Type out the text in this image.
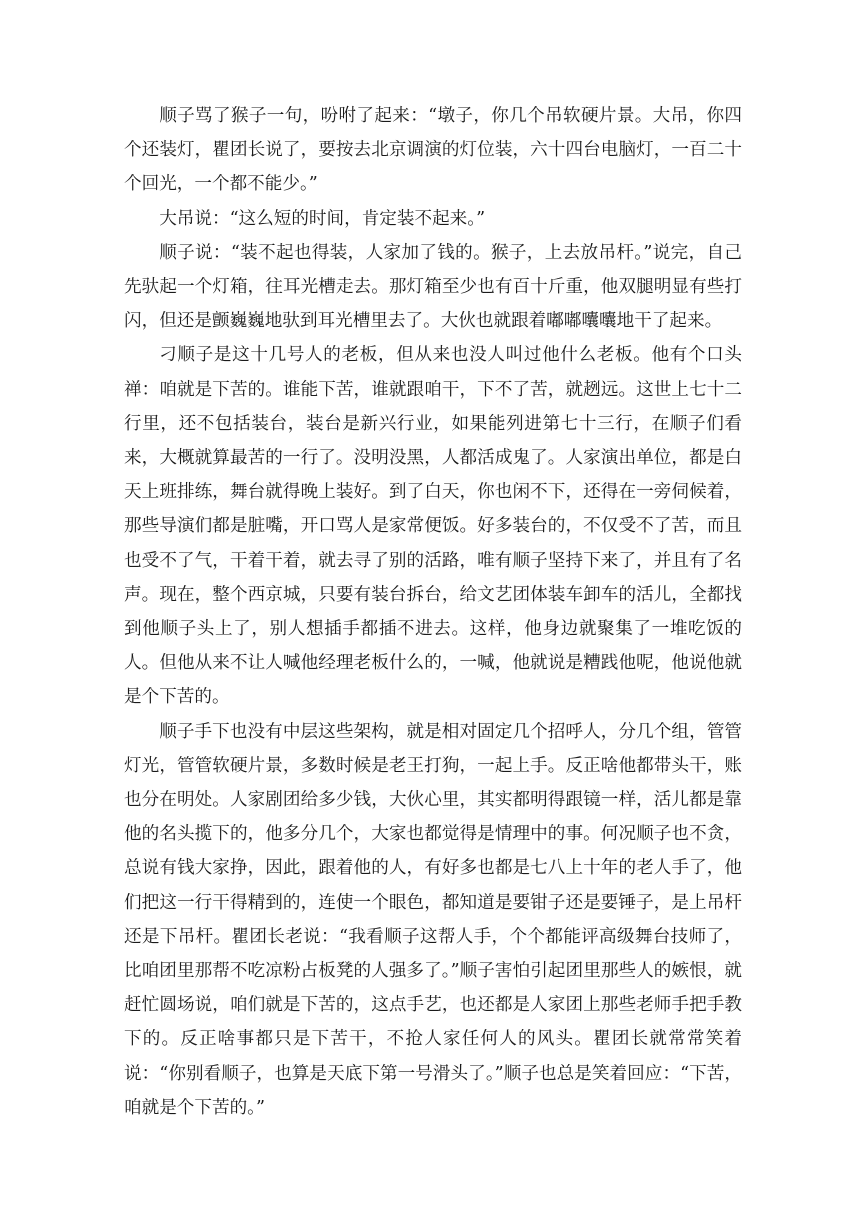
顺子骂了猴子一句，吩咐了起来：“墩子，你几个吊软硬片景。大吊，你四个还装灯，瞿团长说了，要按去北京调演的灯位装，六十四台电脑灯，一百二十个回光，一个都不能少。”

大吊说：“这么短的时间，肯定装不起来。”

顺子说：“装不起也得装，人家加了钱的。猴子，上去放吊杆。”说完，自己先驮起一个灯箱，往耳光槽走去。那灯箱至少也有百十斤重，他双腿明显有些打闪，但还是颤巍巍地驮到耳光槽里去了。大伙也就跟着嘟嘟囔囔地干了起来。

刁顺子是这十几号人的老板，但从来也没人叫过他什么老板。他有个口头禅：咱就是下苦的。谁能下苦，谁就跟咱干，下不了苦，就趔远。这世上七十二行里，还不包括装台，装台是新兴行业，如果能列进第七十三行，在顺子们看来，大概就算最苦的一行了。没明没黑，人都活成鬼了。人家演出单位，都是白天上班排练，舞台就得晚上装好。到了白天，你也闲不下，还得在一旁伺候着，那些导演们都是脏嘴，开口骂人是家常便饭。好多装台的，不仅受不了苦，而且也受不了气，干着干着，就去寻了别的活路，唯有顺子坚持下来了，并且有了名声。现在，整个西京城，只要有装台拆台，给文艺团体装车卸车的活儿，全都找到他顺子头上了，别人想插手都插不进去。这样，他身边就聚集了一堆吃饭的人。但他从来不让人喊他经理老板什么的，一喊，他就说是糟践他呢，他说他就是个下苦的。

顺子手下也没有中层这些架构，就是相对固定几个招呼人，分几个组，管管灯光，管管软硬片景，多数时候是老王打狗，一起上手。反正啥他都带头干，账也分在明处。人家剧团给多少钱，大伙心里，其实都明得跟镜一样，活儿都是靠他的名头揽下的，他多分几个，大家也都觉得是情理中的事。何况顺子也不贪，总说有钱大家挣，因此，跟着他的人，有好多也都是七八上十年的老人手了，他们把这一行干得精到的，连使一个眼色，都知道是要钳子还是要锤子，是上吊杆还是下吊杆。瞿团长老说：“我看顺子这帮人手，个个都能评高级舞台技师了，比咱团里那帮不吃凉粉占板凳的人强多了。”顺子害怕引起团里那些人的嫉恨，就赶忙圆场说，咱们就是下苦的，这点手艺，也还都是人家团上那些老师手把手教下的。反正啥事都只是下苦干，不抢人家任何人的风头。瞿团长就常常笑着说：“你别看顺子，也算是天底下第一号滑头了。”顺子也总是笑着回应：“下苦，咱就是个下苦的。”
